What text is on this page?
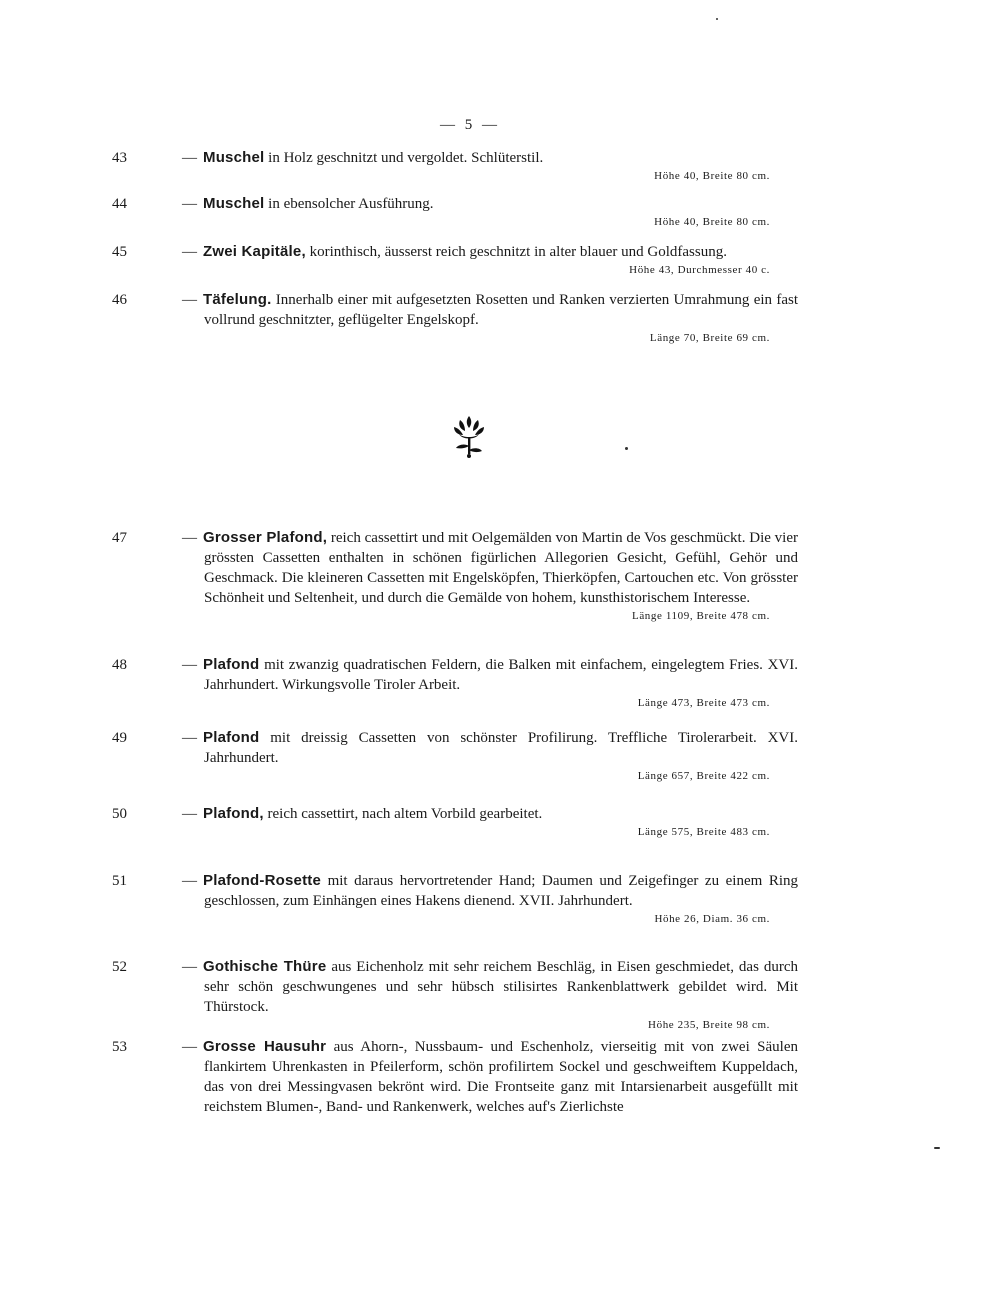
— 5 —
43	— Muschel in Holz geschnitzt und vergoldet. Schlüterstil.
Höhe 40, Breite 80 cm.
44	— Muschel in ebensolcher Ausführung.
Höhe 40, Breite 80 cm.
45	— Zwei Kapitäle, korinthisch, äusserst reich geschnitzt in alter blauer und Goldfassung.
Höhe 43, Durchmesser 40 c.
46	— Täfelung. Innerhalb einer mit aufgesetzten Rosetten und Ranken verzierten Umrahmung ein fast vollrund geschnitzter, geflügelter Engelskopf.
Länge 70, Breite 69 cm.
47	— Grosser Plafond, reich cassettirt und mit Oelgemälden von Martin de Vos geschmückt. Die vier grössten Cassetten enthalten in schönen figürlichen Allegorien Gesicht, Gefühl, Gehör und Geschmack. Die kleineren Cassetten mit Engelsköpfen, Thierköpfen, Cartouchen etc. Von grösster Schönheit und Seltenheit, und durch die Gemälde von hohem, kunsthistorischem Interesse.
Länge 1109, Breite 478 cm.
48	— Plafond mit zwanzig quadratischen Feldern, die Balken mit einfachem, eingelegtem Fries. XVI. Jahrhundert. Wirkungsvolle Tiroler Arbeit.
Länge 473, Breite 473 cm.
49	— Plafond mit dreissig Cassetten von schönster Profilirung. Treffliche Tirolerarbeit. XVI. Jahrhundert.
Länge 657, Breite 422 cm.
50	— Plafond, reich cassettirt, nach altem Vorbild gearbeitet.
Länge 575, Breite 483 cm.
51	— Plafond-Rosette mit daraus hervortretender Hand; Daumen und Zeigefinger zu einem Ring geschlossen, zum Einhängen eines Hakens dienend. XVII. Jahrhundert.
Höhe 26, Diam. 36 cm.
52	— Gothische Thüre aus Eichenholz mit sehr reichem Beschläg, in Eisen geschmiedet, das durch sehr schön geschwungenes und sehr hübsch stilisirtes Rankenblattwerk gebildet wird. Mit Thürstock.
Höhe 235, Breite 98 cm.
53	— Grosse Hausuhr aus Ahorn-, Nussbaum- und Eschenholz, vierseitig mit von zwei Säulen flankirtem Uhrenkasten in Pfeilerform, schön profilirtem Sockel und geschweiftem Kuppeldach, das von drei Messingvasen bekrönt wird. Die Frontseite ganz mit Intarsienarbeit ausgefüllt mit reichstem Blumen-, Band- und Rankenwerk, welches auf's Zierlichste
